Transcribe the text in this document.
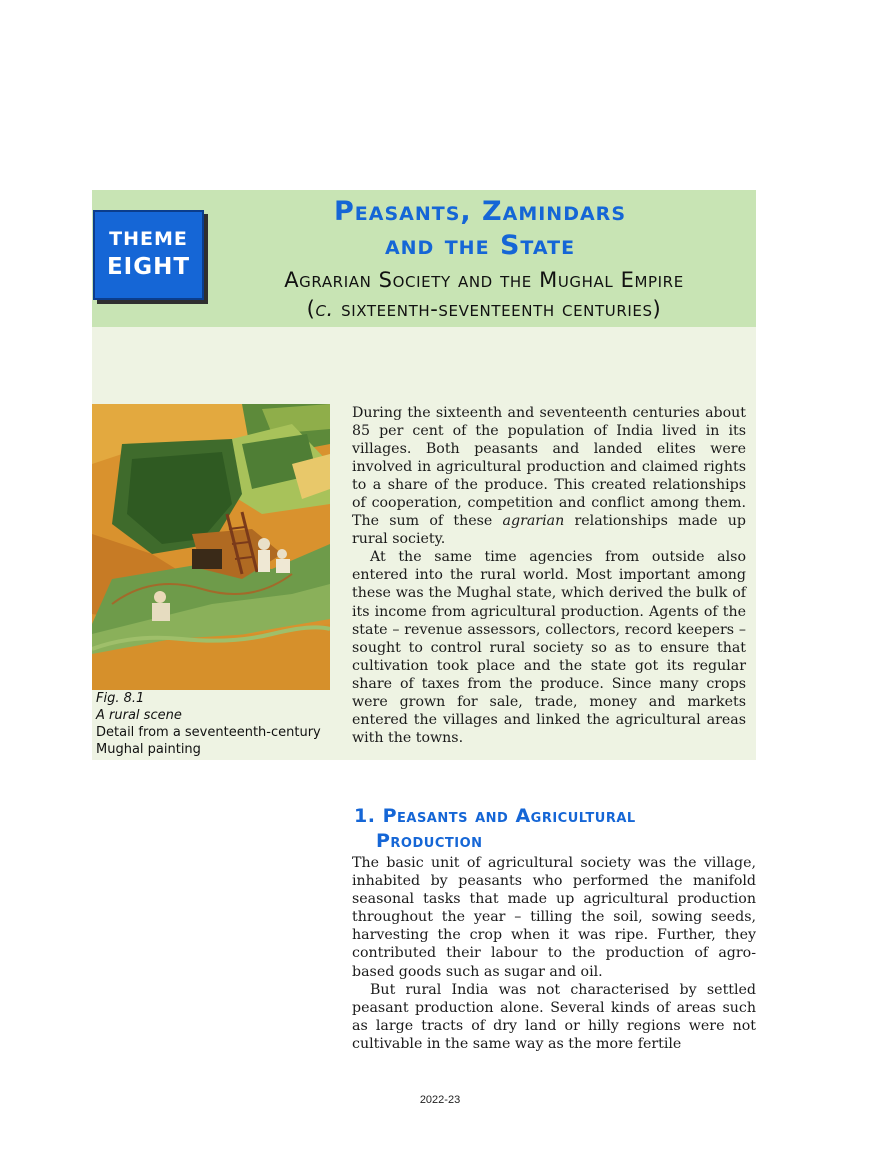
THEME
EIGHT
Peasants, Zamindars
and the State
Agrarian Society and the Mughal Empire
(c. sixteenth-seventeenth centuries)
Fig. 8.1
A rural scene
Detail from a seventeenth-century
Mughal painting

During the sixteenth and seventeenth centuries about 85 per cent of the population of India lived in its villages. Both peasants and landed elites were involved in agricultural production and claimed rights to a share of the produce. This created relationships of cooperation, competition and conflict among them. The sum of these agrarian relationships made up rural society.

At the same time agencies from outside also entered into the rural world. Most important among these was the Mughal state, which derived the bulk of its income from agricultural production. Agents of the state – revenue assessors, collectors, record keepers – sought to control rural society so as to ensure that cultivation took place and the state got its regular share of taxes from the produce. Since many crops were grown for sale, trade, money and markets entered the villages and linked the agricultural areas with the towns.

1. Peasants and Agricultural
Production

The basic unit of agricultural society was the village, inhabited by peasants who performed the manifold seasonal tasks that made up agricultural production throughout the year – tilling the soil, sowing seeds, harvesting the crop when it was ripe. Further, they contributed their labour to the production of agro-based goods such as sugar and oil.

But rural India was not characterised by settled peasant production alone. Several kinds of areas such as large tracts of dry land or hilly regions were not cultivable in the same way as the more fertile

2022-23
